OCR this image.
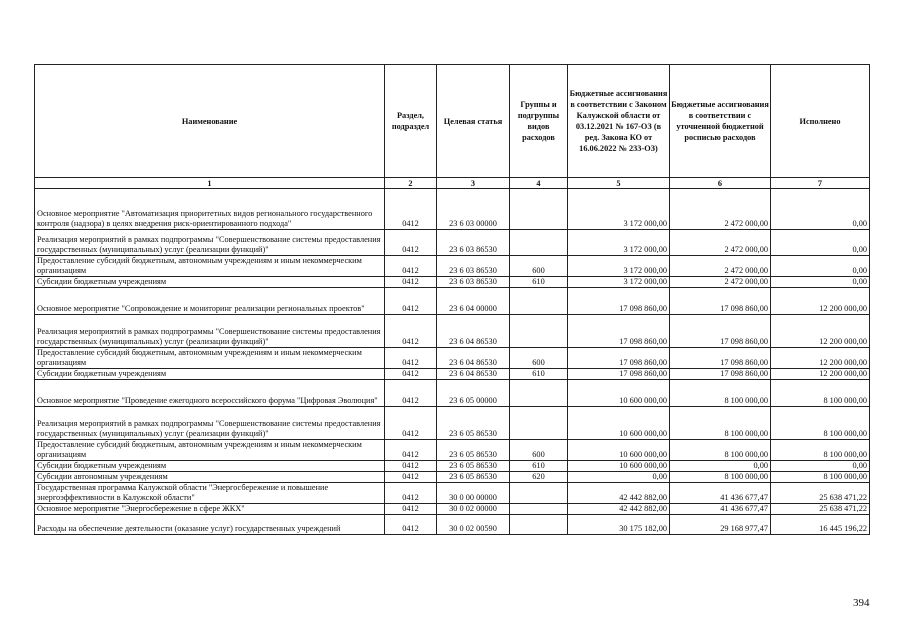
Наименование	Раздел, подраздел	Целевая статья	Группы и подгруппы видов расходов	Бюджетные ассигнования в соответствии с Законом Калужской области от 03.12.2021 № 167-ОЗ (в ред. Закона КО от 16.06.2022 № 233-ОЗ)	Бюджетные ассигнования в соответствии с уточненной бюджетной росписью расходов	Исполнено
1	2	3	4	5	6	7
Основное мероприятие "Автоматизация приоритетных видов регионального государственного контроля (надзора) в целях внедрения риск-ориентированного подхода"	0412	23 6 03 00000		3 172 000,00	2 472 000,00	0,00
Реализация мероприятий в рамках подпрограммы "Совершенствование системы предоставления государственных (муниципальных) услуг (реализации функций)"	0412	23 6 03 86530		3 172 000,00	2 472 000,00	0,00
Предоставление субсидий бюджетным, автономным учреждениям и иным некоммерческим организациям	0412	23 6 03 86530	600	3 172 000,00	2 472 000,00	0,00
Субсидии бюджетным учреждениям	0412	23 6 03 86530	610	3 172 000,00	2 472 000,00	0,00
Основное мероприятие "Сопровождение и мониторинг реализации региональных проектов"	0412	23 6 04 00000		17 098 860,00	17 098 860,00	12 200 000,00
Реализация мероприятий в рамках подпрограммы "Совершенствование системы предоставления государственных (муниципальных) услуг (реализации функций)"	0412	23 6 04 86530		17 098 860,00	17 098 860,00	12 200 000,00
Предоставление субсидий бюджетным, автономным учреждениям и иным некоммерческим организациям	0412	23 6 04 86530	600	17 098 860,00	17 098 860,00	12 200 000,00
Субсидии бюджетным учреждениям	0412	23 6 04 86530	610	17 098 860,00	17 098 860,00	12 200 000,00
Основное мероприятие "Проведение ежегодного всероссийского форума "Цифровая Эволюция"	0412	23 6 05 00000		10 600 000,00	8 100 000,00	8 100 000,00
Реализация мероприятий в рамках подпрограммы "Совершенствование системы предоставления государственных (муниципальных) услуг (реализации функций)"	0412	23 6 05 86530		10 600 000,00	8 100 000,00	8 100 000,00
Предоставление субсидий бюджетным, автономным учреждениям и иным некоммерческим организациям	0412	23 6 05 86530	600	10 600 000,00	8 100 000,00	8 100 000,00
Субсидии бюджетным учреждениям	0412	23 6 05 86530	610	10 600 000,00	0,00	0,00
Субсидии автономным учреждениям	0412	23 6 05 86530	620	0,00	8 100 000,00	8 100 000,00
Государственная программа Калужской области "Энергосбережение и повышение энергоэффективности в Калужской области"	0412	30 0 00 00000		42 442 882,00	41 436 677,47	25 638 471,22
Основное мероприятие "Энергосбережение в сфере ЖКХ"	0412	30 0 02 00000		42 442 882,00	41 436 677,47	25 638 471,22
Расходы на обеспечение деятельности (оказание услуг) государственных учреждений	0412	30 0 02 00590		30 175 182,00	29 168 977,47	16 445 196,22
394
